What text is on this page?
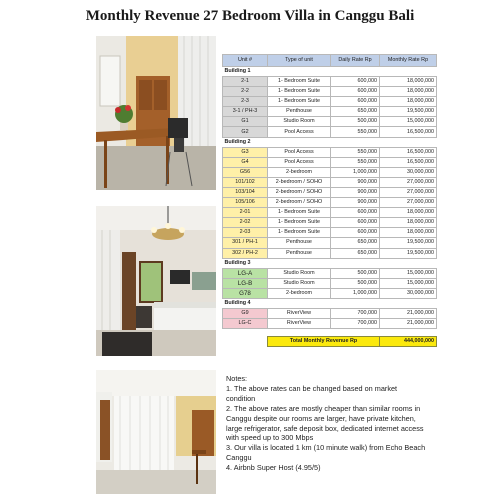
Monthly Revenue 27 Bedroom Villa in Canggu Bali
Unit #	Type of unit	Daily Rate Rp	Monthly Rate Rp
Building 1			
2-1	1- Bedroom Suite	600,000	18,000,000
2-2	1- Bedroom Suite	600,000	18,000,000
2-3	1- Bedroom Suite	600,000	18,000,000
3-1 / PH-3	Penthouse	650,000	19,500,000
G1	Studio Room	500,000	15,000,000
G2	Pool Access	550,000	16,500,000
Building 2			
G3	Pool Access	550,000	16,500,000
G4	Pool Access	550,000	16,500,000
G56	2-bedroom	1,000,000	30,000,000
101/102	2-bedroom / SOHO	900,000	27,000,000
103/104	2-bedroom / SOHO	900,000	27,000,000
105/106	2-bedroom / SOHO	900,000	27,000,000
2-01	1- Bedroom Suite	600,000	18,000,000
2-02	1- Bedroom Suite	600,000	18,000,000
2-03	1- Bedroom Suite	600,000	18,000,000
301 / PH-1	Penthouse	650,000	19,500,000
302 / PH-2	Penthouse	650,000	19,500,000
Building 3			
LG-A	Studio Room	500,000	15,000,000
LG-B	Studio Room	500,000	15,000,000
G78	2-bedroom	1,000,000	30,000,000
Building 4			
G9	RiverView	700,000	21,000,000
LG-C	RiverView	700,000	21,000,000

	Total Monthly Revenue Rp		444,000,000

Notes:

1. The above rates can be changed based on market condition

2. The above rates are mostly cheaper than similar rooms in Canggu despite our rooms are larger, have private kitchen, large refrigerator, safe deposit box, dedicated internet access with speed up to 300 Mbps

3. Our villa is located 1 km (10 minute walk) from Echo Beach Canggu

4. Airbnb Super Host (4.95/5)
